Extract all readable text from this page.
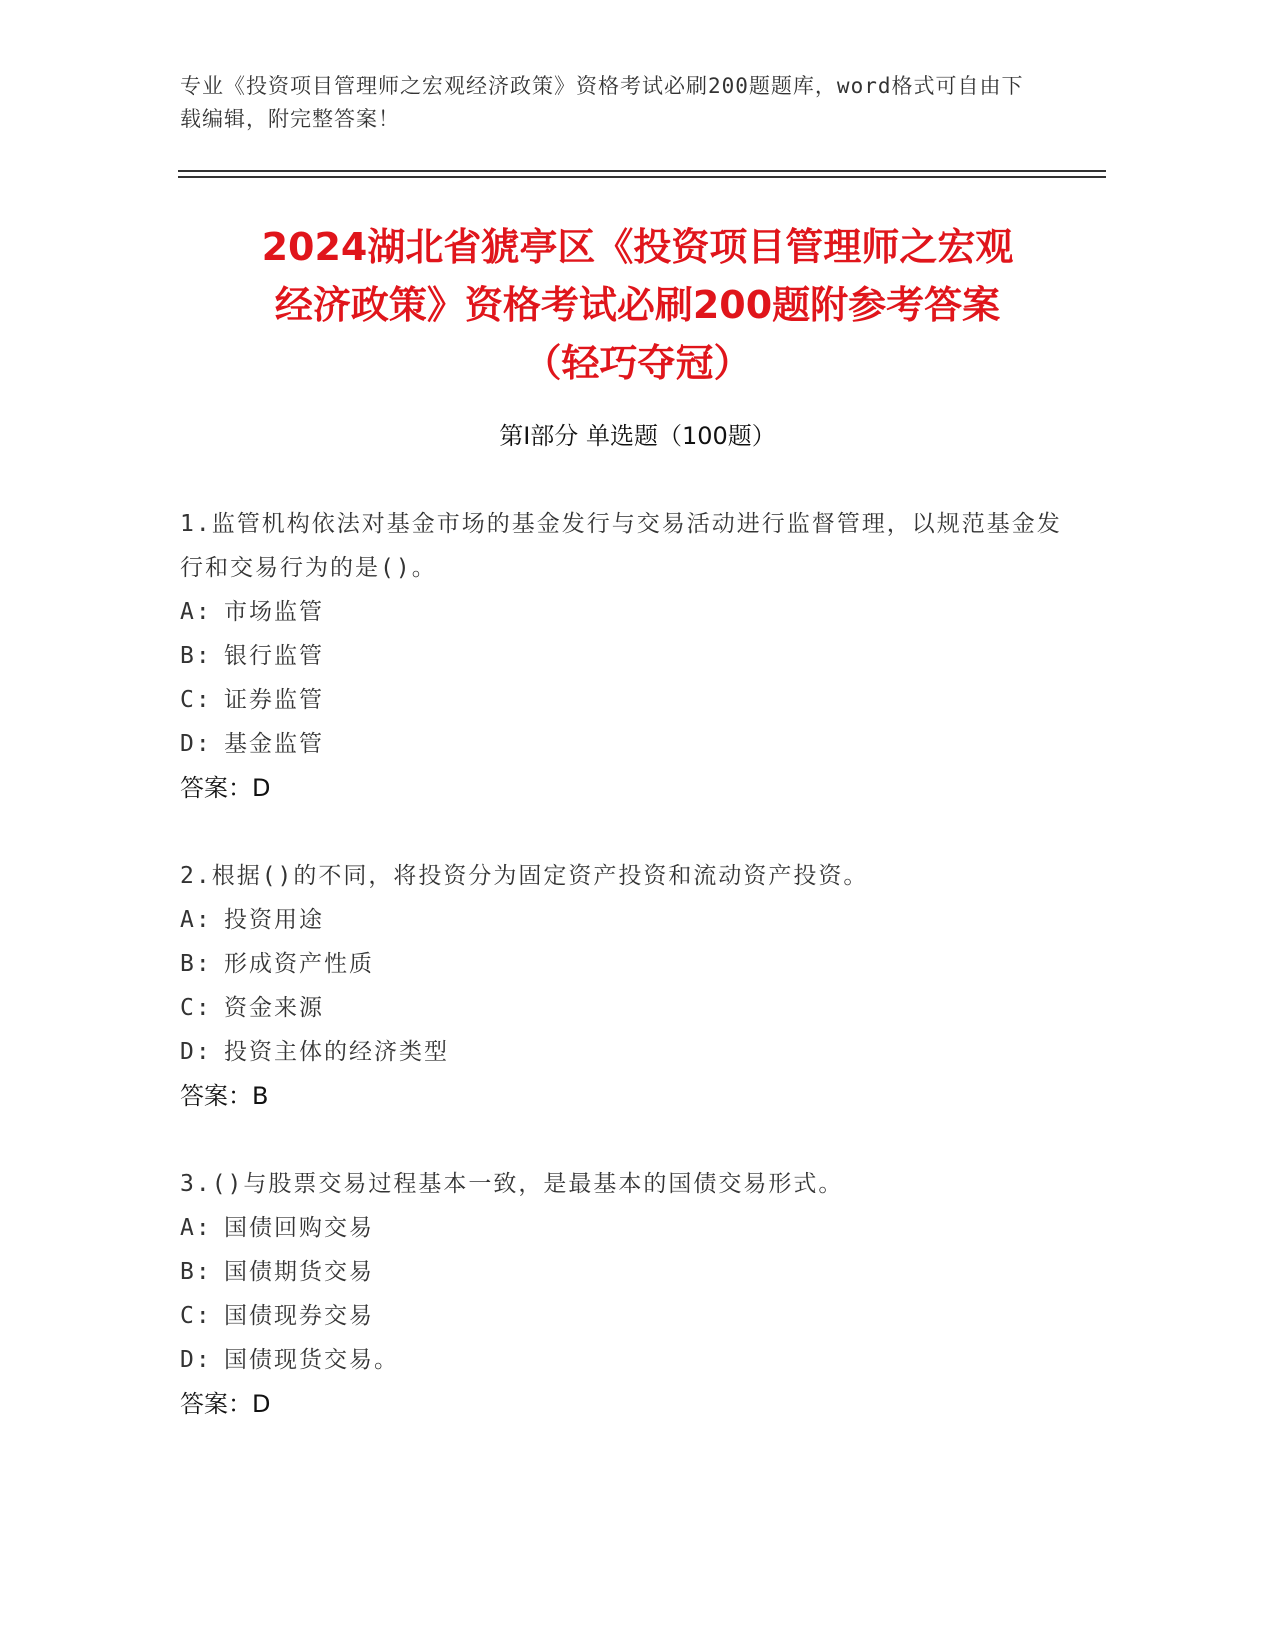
专业《投资项目管理师之宏观经济政策》资格考试必刷200题题库，word格式可自由下载编辑，附完整答案！
2024湖北省猇亭区《投资项目管理师之宏观
经济政策》资格考试必刷200题附参考答案
（轻巧夺冠）
第I部分 单选题（100题）
1.监管机构依法对基金市场的基金发行与交易活动进行监督管理，以规范基金发行和交易行为的是()。
A: 市场监管
B: 银行监管
C: 证券监管
D: 基金监管
答案：D
2.根据()的不同，将投资分为固定资产投资和流动资产投资。
A: 投资用途
B: 形成资产性质
C: 资金来源
D: 投资主体的经济类型
答案：B
3.()与股票交易过程基本一致，是最基本的国债交易形式。
A: 国债回购交易
B: 国债期货交易
C: 国债现券交易
D: 国债现货交易。
答案：D
